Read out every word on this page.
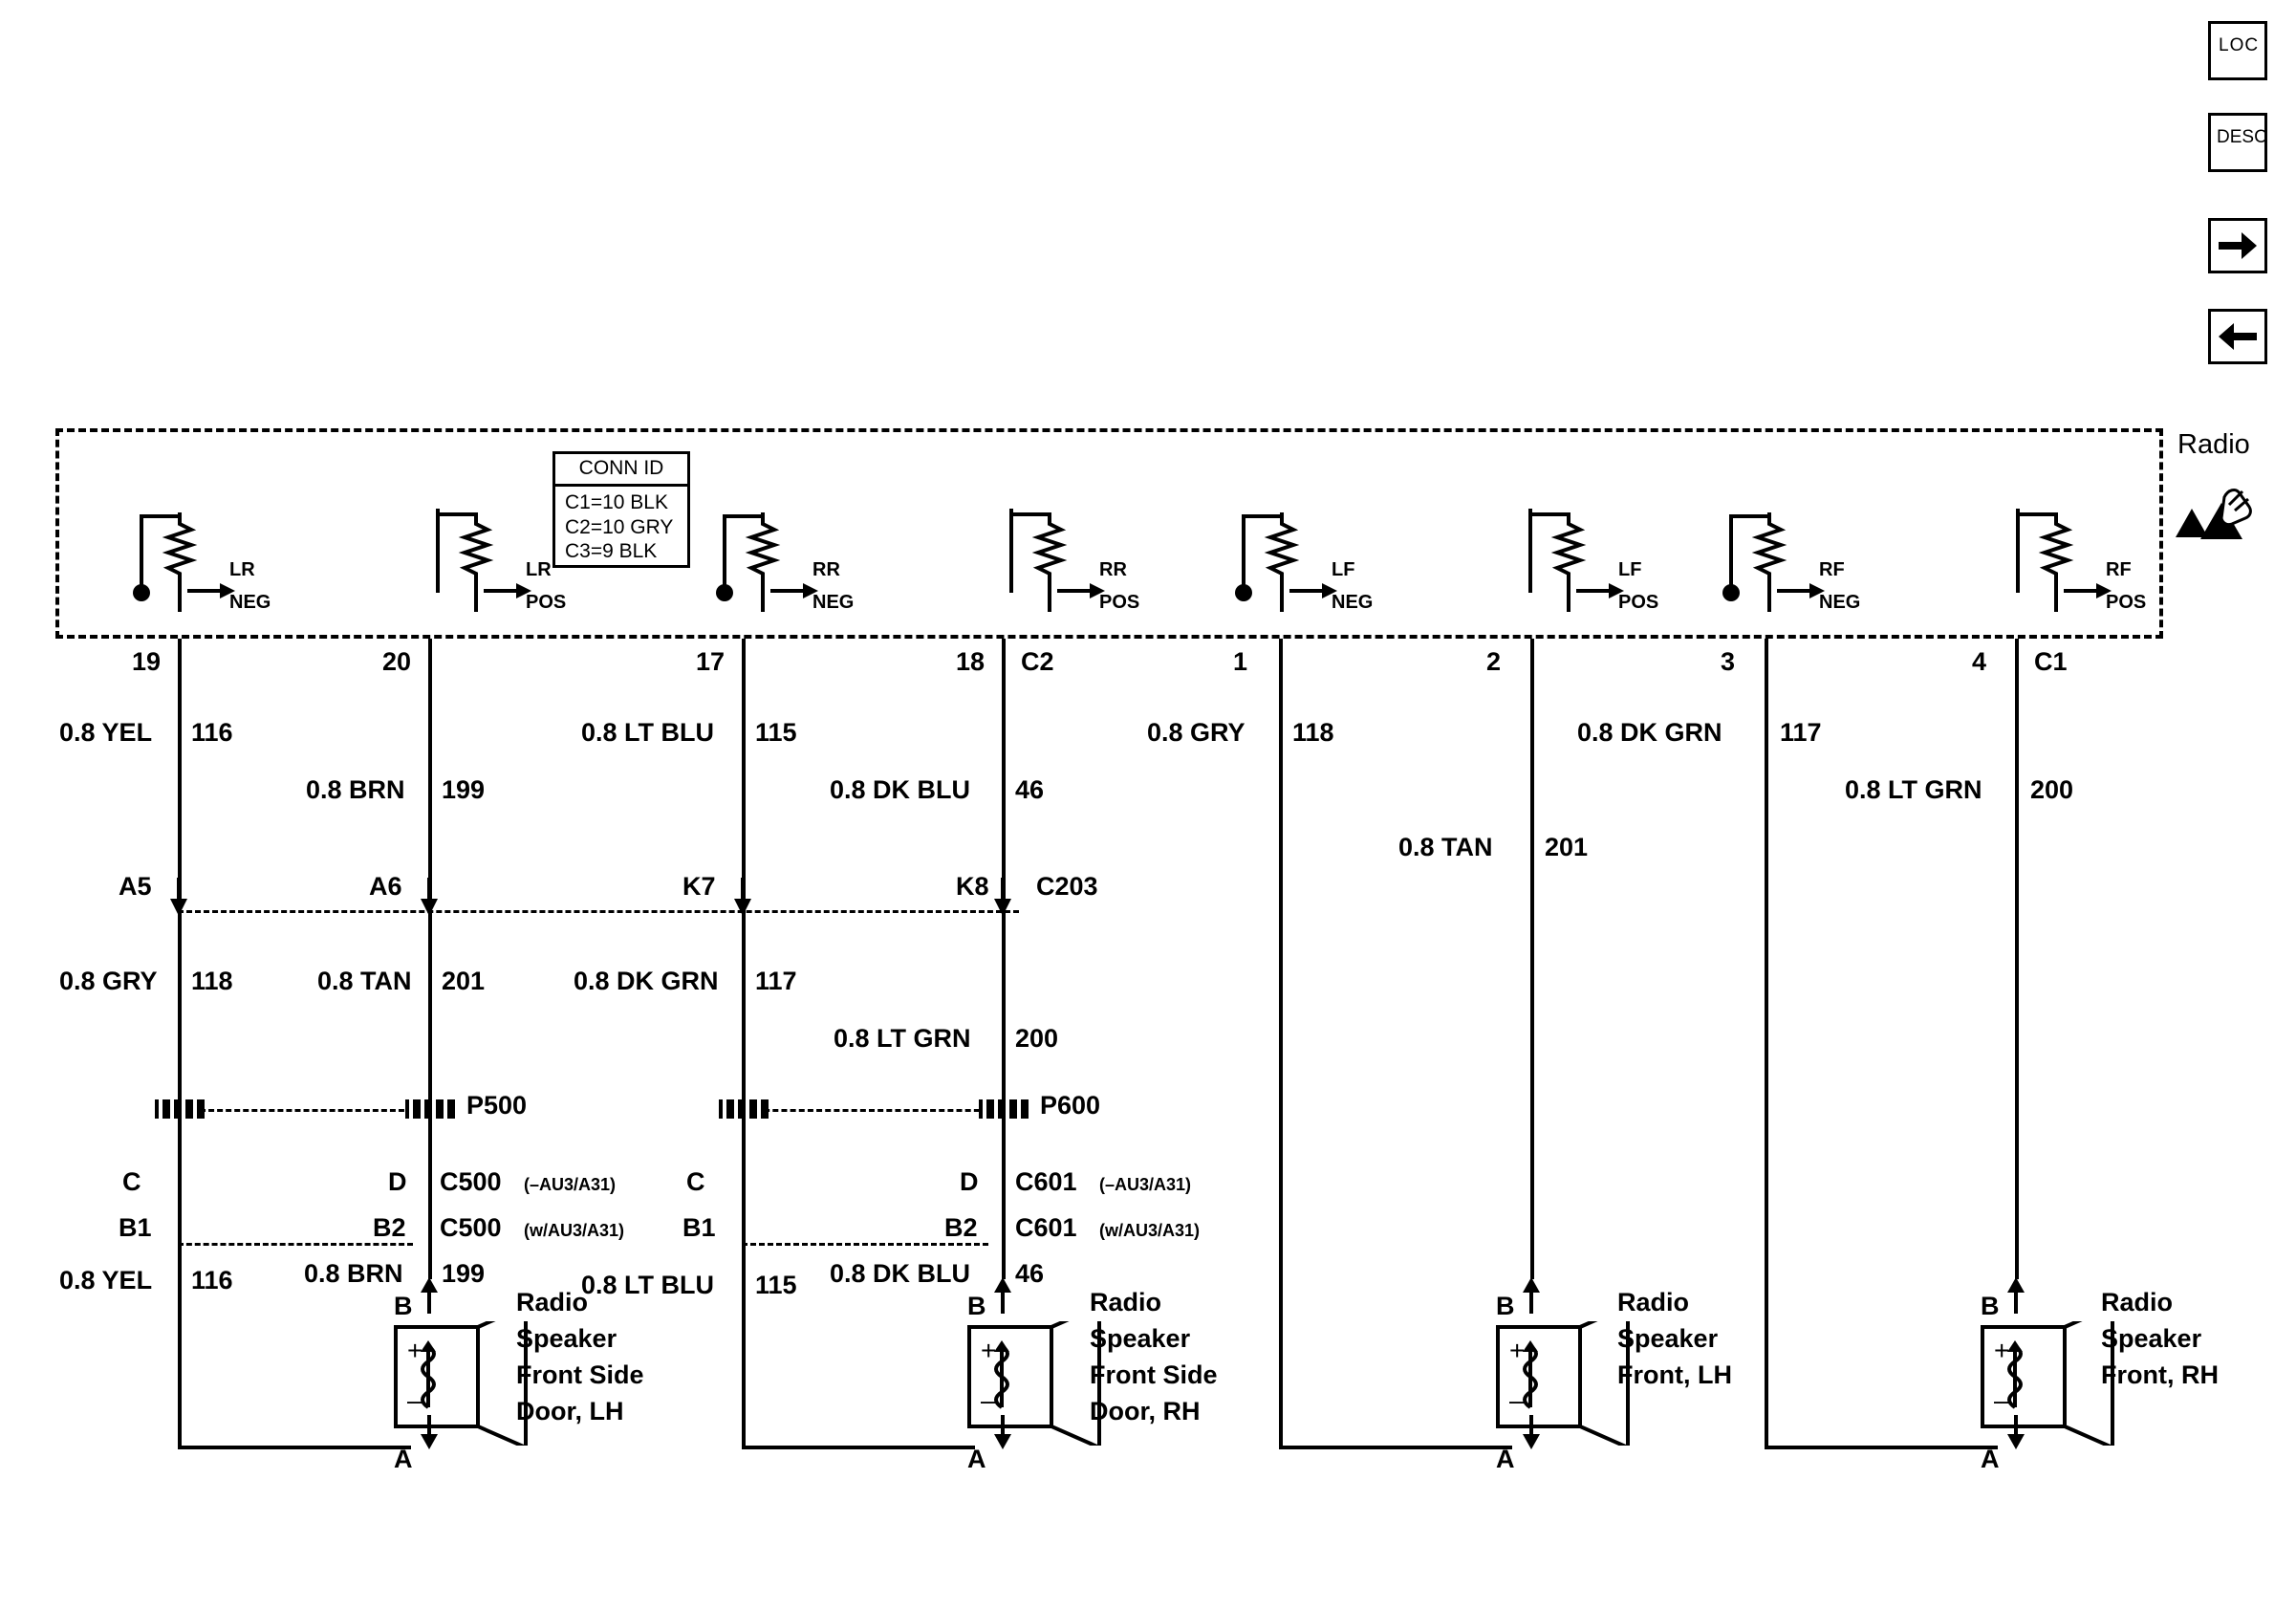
LOC
DESC
Radio
CONN ID
C1=10 BLK
C2=10 GRY
C3=9 BLK
LR
NEG
LR
POS
RR
NEG
RR
POS
LF
NEG
LF
POS
RF
NEG
RF
POS
19	20	17	18 C2	1	2	3	4 C1
0.8 YEL 116
0.8 BRN 199
0.8 LT BLU 115
0.8 DK BLU 46
0.8 GRY 118
0.8 TAN 201
0.8 DK GRN 117
0.8 LT GRN 200
A5	A6	K7	K8 C203
0.8 GRY 118	0.8 TAN 201	0.8 DK GRN 117
0.8 LT GRN 200
P500	P600
C	D C500 (–AU3/A31)
B1	B2 C500 (w/AU3/A31)
C	D C601 (–AU3/A31)
B1	B2 C601 (w/AU3/A31)
0.8 YEL 116	0.8 BRN 199	0.8 LT BLU 115 0.8 DK BLU 46
B
+
–
A
Radio
Speaker
Front Side
Door, LH
B
+
–
A
Radio
Speaker
Front Side
Door, RH
B
+
–
A
Radio
Speaker
Front, LH
B
+
–
A
Radio
Speaker
Front, RH
